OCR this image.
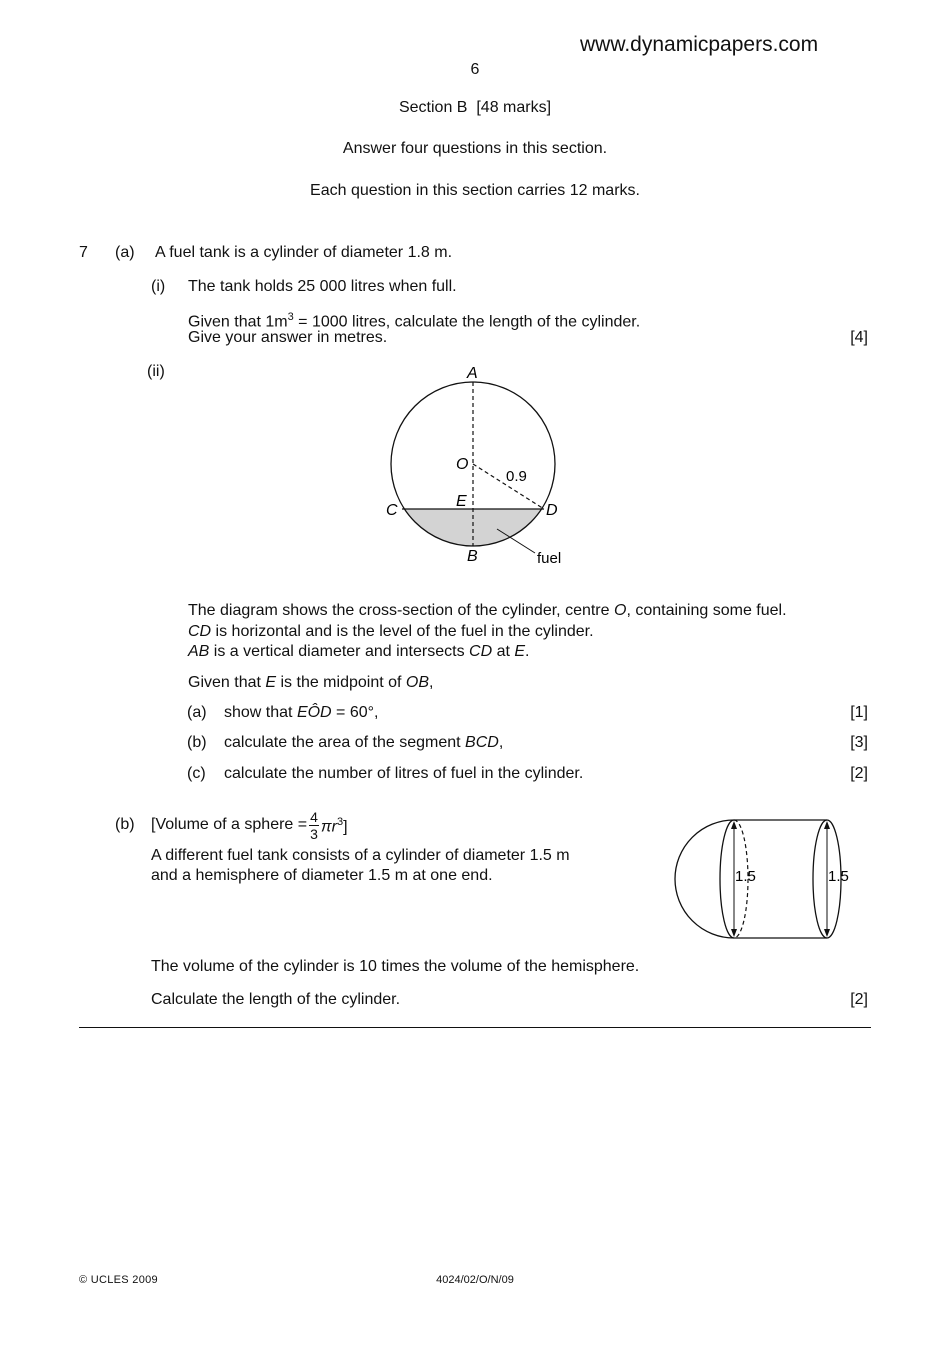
www.dynamicpapers.com
6
Section B [48 marks]
Answer four questions in this section.
Each question in this section carries 12 marks.
7 (a) A fuel tank is a cylinder of diameter 1.8 m.
(i) The tank holds 25 000 litres when full.
Given that $1m^3 = 1000$ litres, calculate the length of the cylinder.
Give your answer in metres.	[4]
(ii)	A
O
E
C	D
B
0.9
fuel
The diagram shows the cross-section of the cylinder, centre O, containing some fuel.
CD is horizontal and is the level of the fuel in the cylinder.
AB is a vertical diameter and intersects CD at E.
Given that E is the midpoint of OB,
(a) show that EÔD = 60°,	[1]
(b) calculate the area of the segment BCD,	[3]
(c) calculate the number of litres of fuel in the cylinder.	[2]
(b) [Volume of a sphere = $\frac{4}{3} \pi r^3$]
A different fuel tank consists of a cylinder of diameter 1.5 m
and a hemisphere of diameter 1.5 m at one end.	1.5	1.5
The volume of the cylinder is 10 times the volume of the hemisphere.
Calculate the length of the cylinder.	[2]
© UCLES 2009	4024/02/O/N/09
